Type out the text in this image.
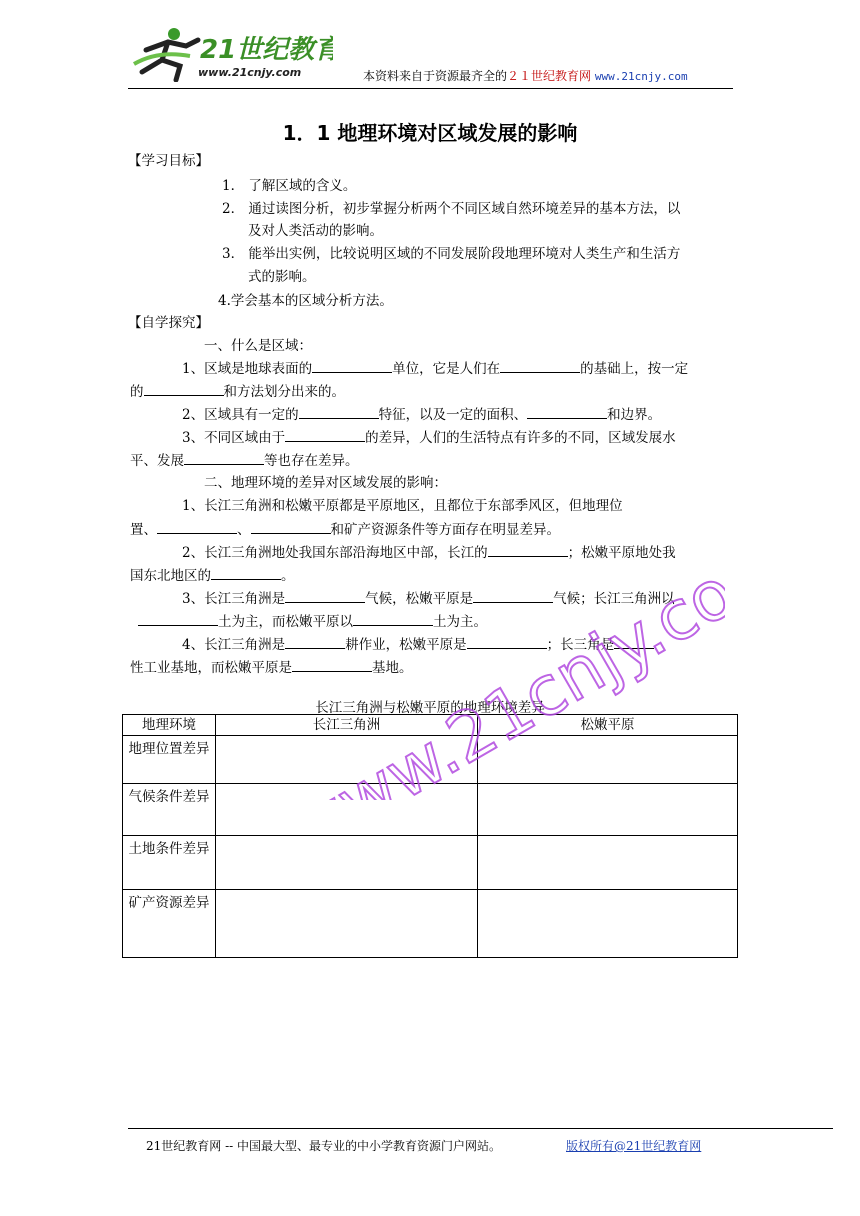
21世纪教育
www.21cnjy.com	本资料来自于资源最齐全的２１世纪教育网 www.21cnjy.com
1．1 地理环境对区域发展的影响
【学习目标】
1． 了解区域的含义。
2． 通过读图分析，初步掌握分析两个不同区域自然环境差异的基本方法，以
及对人类活动的影响。
3． 能举出实例，比较说明区域的不同发展阶段地理环境对人类生产和生活方
式的影响。
4.学会基本的区域分析方法。
【自学探究】
一、什么是区域：
1、区域是地球表面的	单位，它是人们在	的基础上，按一定
的	和方法划分出来的。
2、区域具有一定的	特征，以及一定的面积、	和边界。
3、不同区域由于	的差异，人们的生活特点有许多的不同，区域发展水
平、发展	等也存在差异。
二、地理环境的差异对区域发展的影响：
1、长江三角洲和松嫩平原都是平原地区，且都位于东部季风区，但地理位
置、	、	和矿产资源条件等方面存在明显差异。
2、长江三角洲地处我国东部沿海地区中部，长江的	；松嫩平原地处我
国东北地区的	。
3、长江三角洲是	气候，松嫩平原是	气候；长江三角洲以
土为主，而松嫩平原以	土为主。
4、长江三角洲是	耕作业，松嫩平原是	；长三角是
性工业基地，而松嫩平原是	基地。
长江三角洲与松嫩平原的地理环境差异
地理环境	长江三角洲	松嫩平原
地理位置差异		
气候条件差异		
土地条件差异		
矿产资源差异		
www.21cnjy.com
21世纪教育网 -- 中国最大型、最专业的中小学教育资源门户网站。	版权所有@21世纪教育网
